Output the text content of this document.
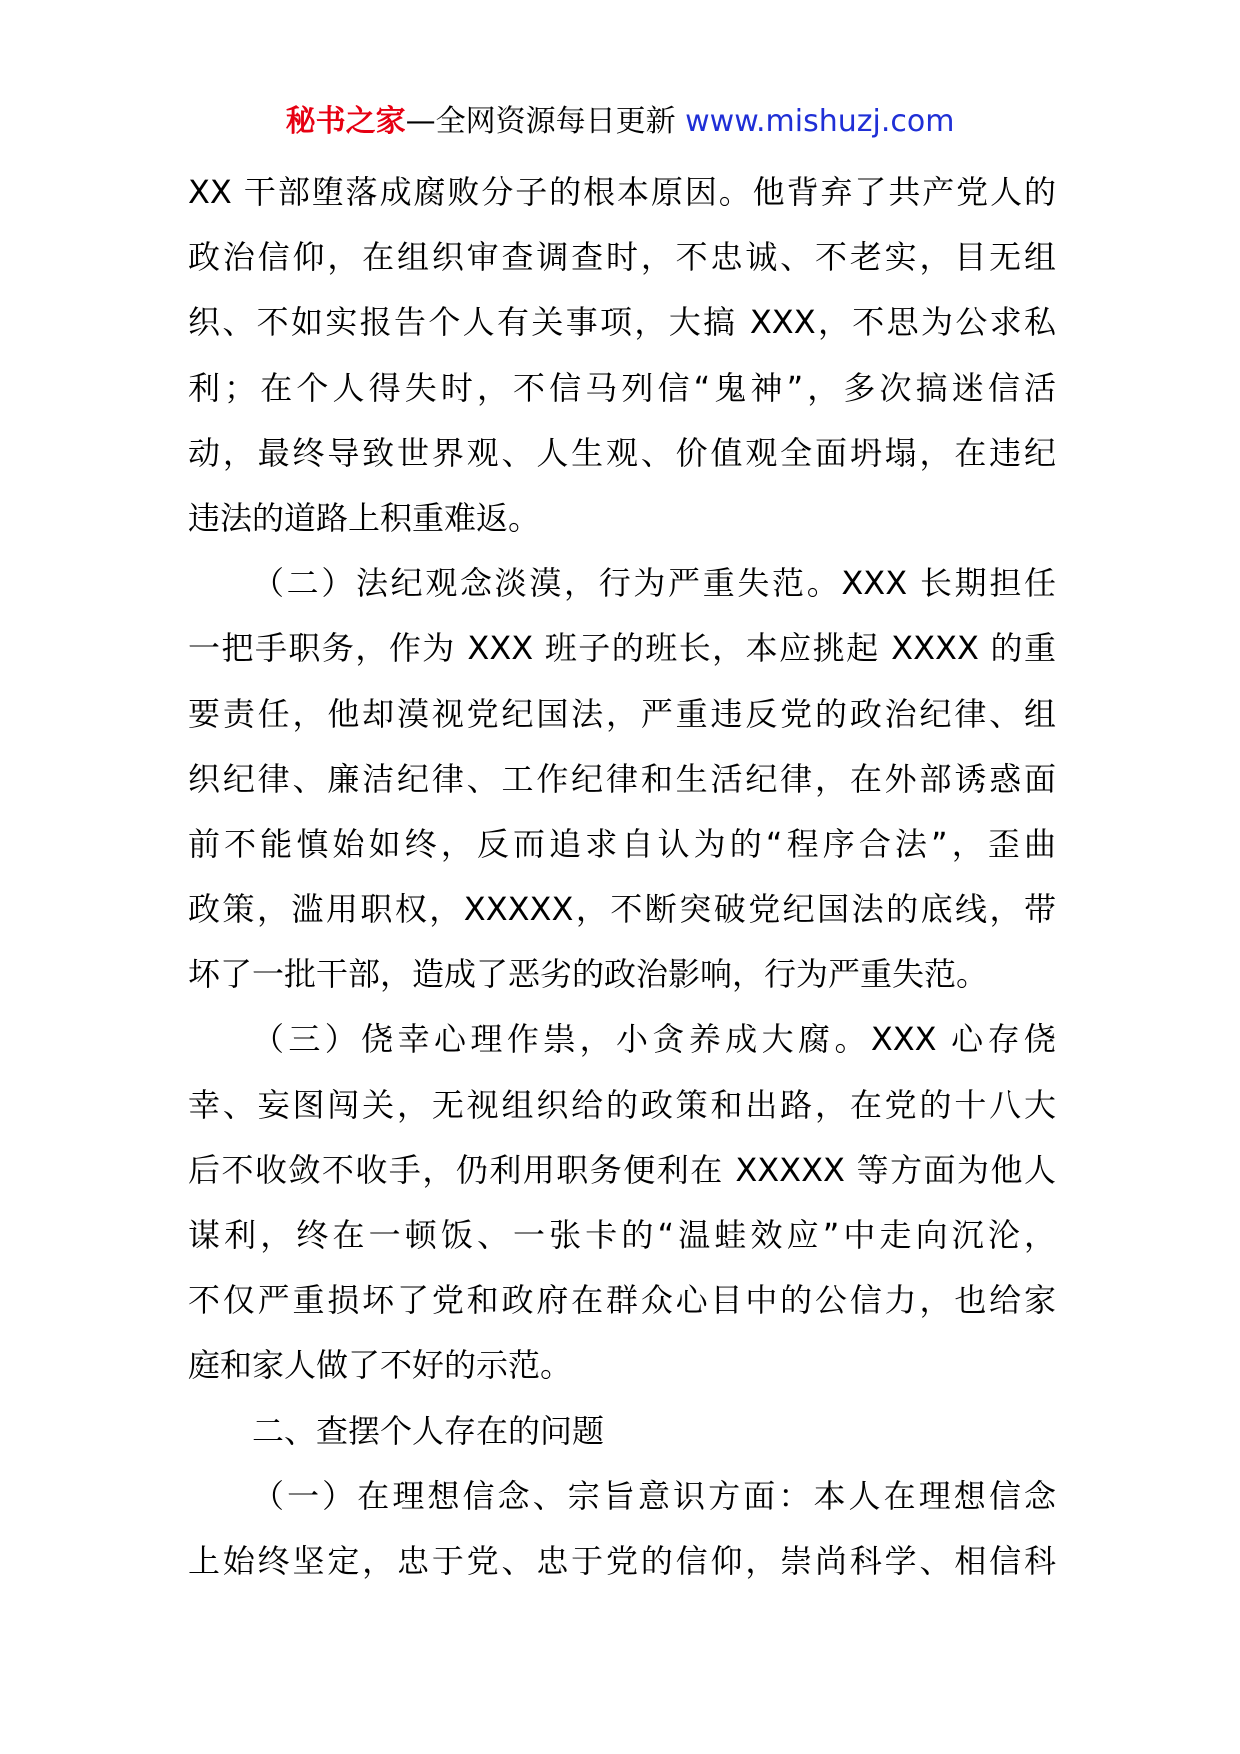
秘书之家—全网资源每日更新 www.mishuzj.com
XX 干部堕落成腐败分子的根本原因。他背弃了共产党人的
政治信仰，在组织审查调查时，不忠诚、不老实，目无组
织、不如实报告个人有关事项，大搞 XXX，不思为公求私
利；在个人得失时，不信马列信“鬼神”，多次搞迷信活
动，最终导致世界观、人生观、价值观全面坍塌，在违纪
违法的道路上积重难返。
（二）法纪观念淡漠，行为严重失范。XXX 长期担任
一把手职务，作为 XXX 班子的班长，本应挑起 XXXX 的重
要责任，他却漠视党纪国法，严重违反党的政治纪律、组
织纪律、廉洁纪律、工作纪律和生活纪律，在外部诱惑面
前不能慎始如终，反而追求自认为的“程序合法”，歪曲
政策，滥用职权，XXXXX，不断突破党纪国法的底线，带
坏了一批干部，造成了恶劣的政治影响，行为严重失范。
（三）侥幸心理作祟，小贪养成大腐。XXX 心存侥
幸、妄图闯关，无视组织给的政策和出路，在党的十八大
后不收敛不收手，仍利用职务便利在 XXXXX 等方面为他人
谋利，终在一顿饭、一张卡的“温蛙效应”中走向沉沦，
不仅严重损坏了党和政府在群众心目中的公信力，也给家
庭和家人做了不好的示范。
二、查摆个人存在的问题
（一）在理想信念、宗旨意识方面：本人在理想信念
上始终坚定，忠于党、忠于党的信仰，崇尚科学、相信科
